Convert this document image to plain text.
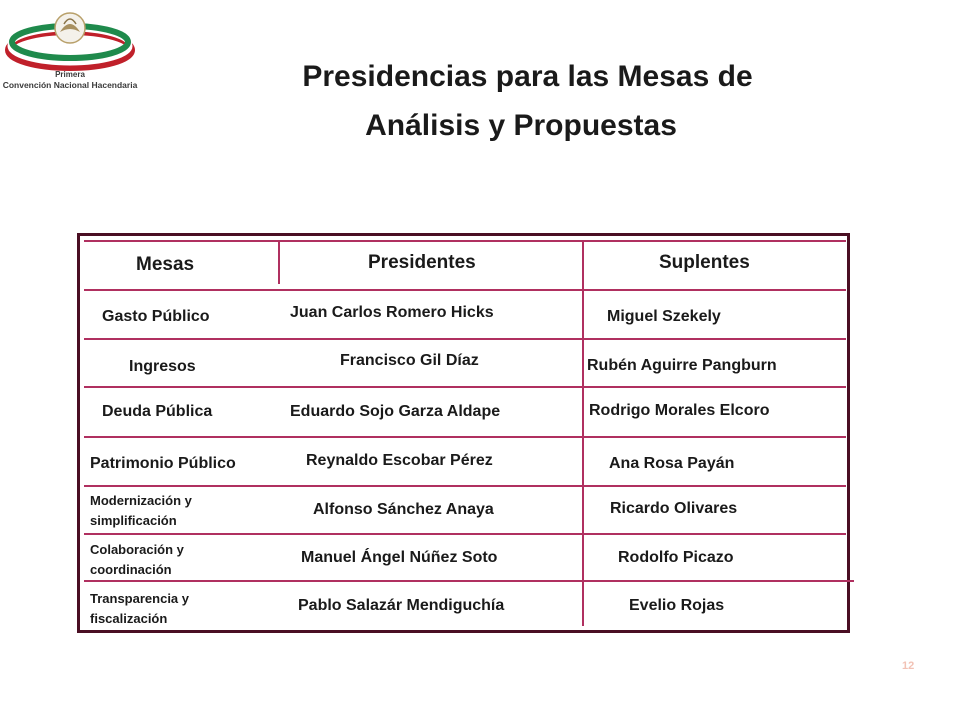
Primera
Convención Nacional Hacendaria	Presidencias para las Mesas de
Análisis y Propuestas
Mesas	Presidentes	Suplentes
Gasto Público	Juan Carlos Romero Hicks	Miguel Szekely
Ingresos	Francisco Gil Díaz	Rubén Aguirre Pangburn
Deuda Pública	Eduardo Sojo Garza Aldape	Rodrigo Morales Elcoro
Patrimonio Público	Reynaldo Escobar Pérez	Ana Rosa Payán
Modernización y
simplificación
Alfonso Sánchez Anaya	Ricardo Olivares
Colaboración y
coordinación
Manuel Ángel Núñez Soto	Rodolfo Picazo
Transparencia y
fiscalización
Pablo Salazár Mendiguchía	Evelio Rojas
12
